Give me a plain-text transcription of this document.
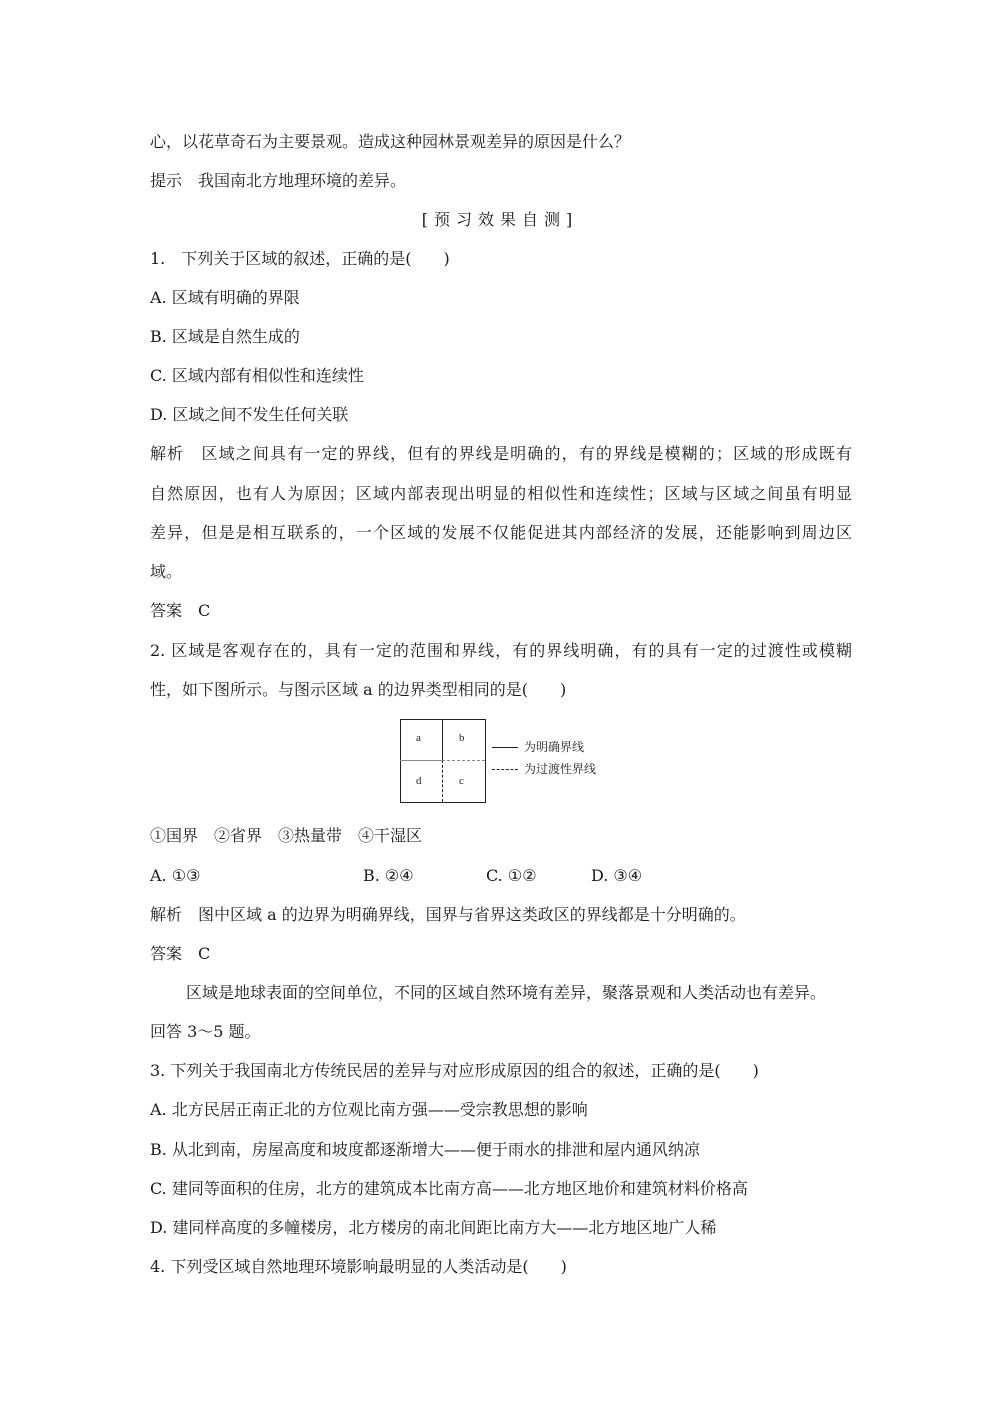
心，以花草奇石为主要景观。造成这种园林景观差异的原因是什么？
提示 我国南北方地理环境的差异。
[预习效果自测]
1.　下列关于区域的叙述，正确的是(　　)
A. 区域有明确的界限
B. 区域是自然生成的
C. 区域内部有相似性和连续性
D. 区域之间不发生任何关联
解析 区域之间具有一定的界线，但有的界线是明确的，有的界线是模糊的；区域的形成既有
自然原因，也有人为原因；区域内部表现出明显的相似性和连续性；区域与区域之间虽有明显
差异，但是是相互联系的，一个区域的发展不仅能促进其内部经济的发展，还能影响到周边区
域。
答案 C
2. 区域是客观存在的，具有一定的范围和界线，有的界线明确，有的具有一定的过渡性或模糊
性，如下图所示。与图示区域 a 的边界类型相同的是(　　)
a	b
d	c
为明确界线
为过渡性界线
①国界　②省界　③热量带　④干湿区
A. ①③	B. ②④	C. ①②	D. ③④
解析 图中区域 a 的边界为明确界线，国界与省界这类政区的界线都是十分明确的。
答案 C
区域是地球表面的空间单位，不同的区域自然环境有差异，聚落景观和人类活动也有差异。
回答 3～5 题。
3. 下列关于我国南北方传统民居的差异与对应形成原因的组合的叙述，正确的是(　　)
A. 北方民居正南正北的方位观比南方强——受宗教思想的影响
B. 从北到南，房屋高度和坡度都逐渐增大——便于雨水的排泄和屋内通风纳凉
C. 建同等面积的住房，北方的建筑成本比南方高——北方地区地价和建筑材料价格高
D. 建同样高度的多幢楼房，北方楼房的南北间距比南方大——北方地区地广人稀
4. 下列受区域自然地理环境影响最明显的人类活动是(　　)
